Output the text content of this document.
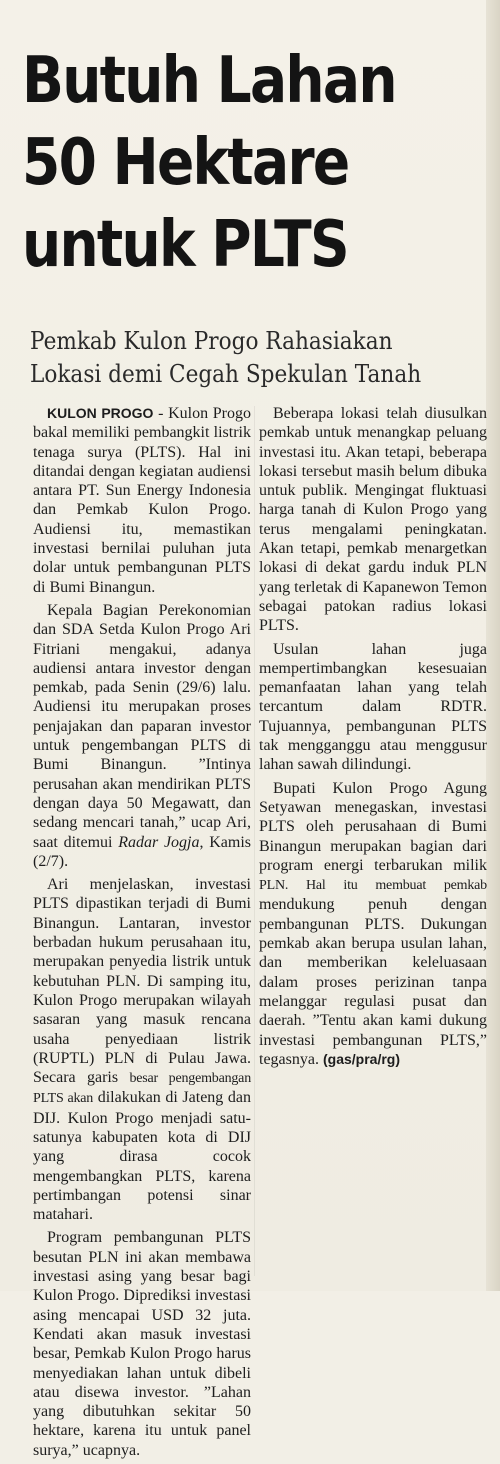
Butuh Lahan
50 Hektare
untuk PLTS
Pemkab Kulon Progo Rahasiakan
Lokasi demi Cegah Spekulan Tanah

KULON PROGO - Kulon Progo bakal memiliki pembangkit listrik tenaga surya (PLTS). Hal ini ditandai dengan kegiatan audiensi antara PT. Sun Energy Indonesia dan Pemkab Kulon Progo. Audiensi itu, memastikan investasi bernilai puluhan juta dolar untuk pembangunan PLTS di Bumi Binangun.

Kepala Bagian Perekonomian dan SDA Setda Kulon Progo Ari Fitriani mengakui, adanya audiensi antara investor dengan pemkab, pada Senin (29/6) lalu. Audiensi itu merupakan proses penjajakan dan paparan investor untuk pengembangan PLTS di Bumi Binangun. ”Intinya perusahan akan mendirikan PLTS dengan daya 50 Megawatt, dan sedang mencari tanah,” ucap Ari, saat ditemui Radar Jogja, Kamis (2/7).

Ari menjelaskan, investasi PLTS dipastikan terjadi di Bumi Binangun. Lantaran, investor berbadan hukum perusahaan itu, merupakan penyedia listrik untuk kebutuhan PLN. Di samping itu, Kulon Progo merupakan wilayah sasaran yang masuk rencana usaha penyediaan listrik (RUPTL) PLN di Pulau Jawa. Secara garis besar pengembangan PLTS akan dilakukan di Jateng dan DIJ. Kulon Progo menjadi satu-satunya kabupaten kota di DIJ yang dirasa cocok mengembangkan PLTS, karena pertimbangan potensi sinar matahari.

Program pembangunan PLTS besutan PLN ini akan membawa investasi asing yang besar bagi Kulon Progo. Diprediksi investasi asing mencapai USD 32 juta. Kendati akan masuk investasi besar, Pemkab Kulon Progo harus menyediakan lahan untuk dibeli atau disewa investor. ”Lahan yang dibutuhkan sekitar 50 hektare, karena itu untuk panel surya,” ucapnya.

Beberapa lokasi telah diusulkan pemkab untuk menangkap peluang investasi itu. Akan tetapi, beberapa lokasi tersebut masih belum dibuka untuk publik. Mengingat fluktuasi harga tanah di Kulon Progo yang terus mengalami peningkatan. Akan tetapi, pemkab menargetkan lokasi di dekat gardu induk PLN yang terletak di Kapanewon Temon sebagai patokan radius lokasi PLTS.

Usulan lahan juga mempertimbangkan kesesuaian pemanfaatan lahan yang telah tercantum dalam RDTR. Tujuannya, pembangunan PLTS tak mengganggu atau menggusur lahan sawah dilindungi.

Bupati Kulon Progo Agung Setyawan menegaskan, investasi PLTS oleh perusahaan di Bumi Binangun merupakan bagian dari program energi terbarukan milik PLN. Hal itu membuat pemkab mendukung penuh dengan pembangunan PLTS. Dukungan pemkab akan berupa usulan lahan, dan memberikan keleluasaan dalam proses perizinan tanpa melanggar regulasi pusat dan daerah. ”Tentu akan kami dukung investasi pembangunan PLTS,” tegasnya. (gas/pra/rg)
